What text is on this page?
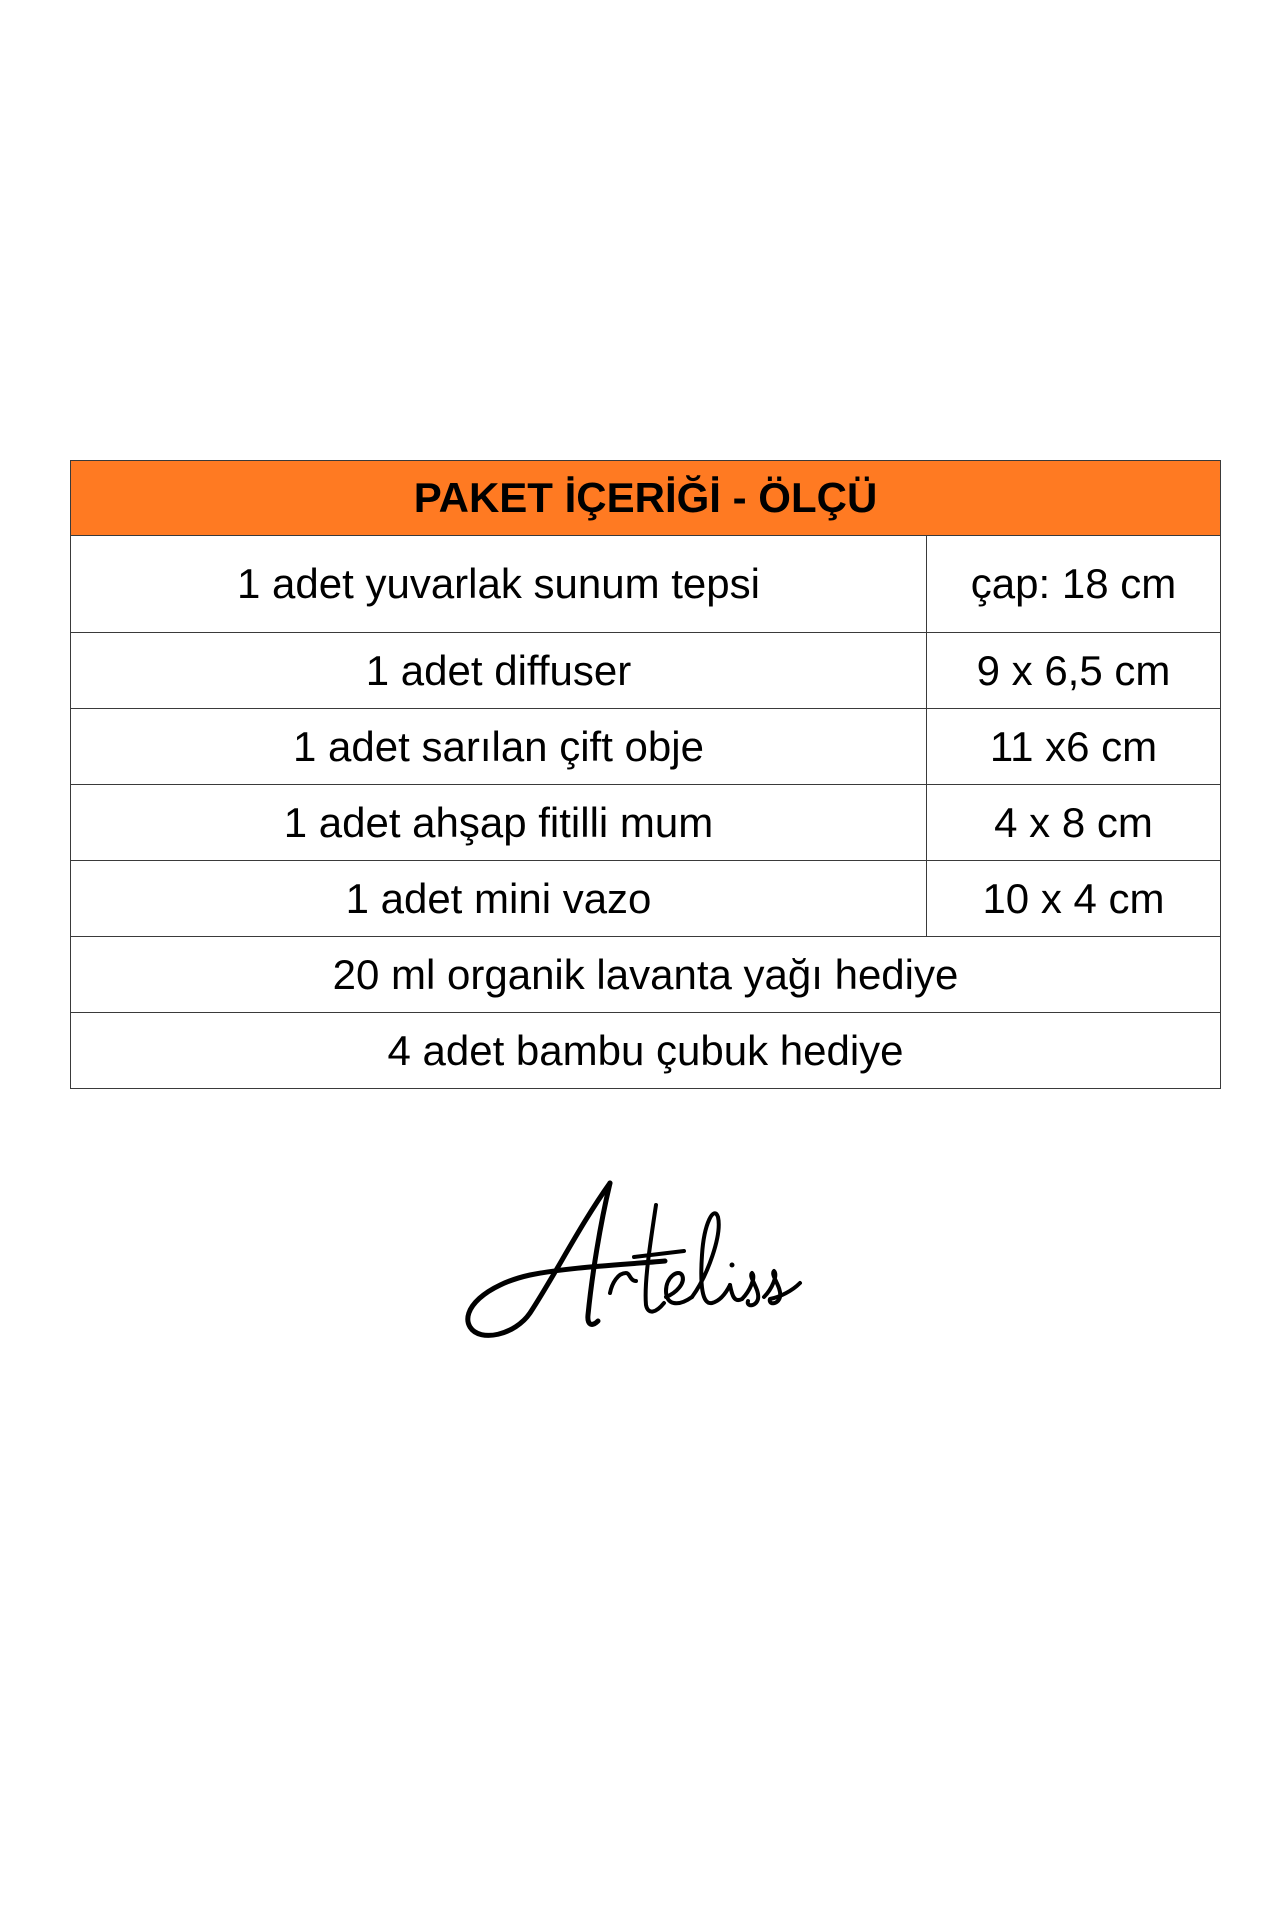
PAKET İÇERİĞİ - ÖLÇÜ	
1 adet yuvarlak sunum tepsi	çap: 18 cm
1 adet diffuser	9 x 6,5 cm
1 adet sarılan çift obje	11 x6 cm
1 adet ahşap fitilli mum	4 x 8 cm
1 adet mini vazo	10 x 4 cm
20 ml organik lavanta yağı hediye	
4 adet bambu çubuk hediye	
